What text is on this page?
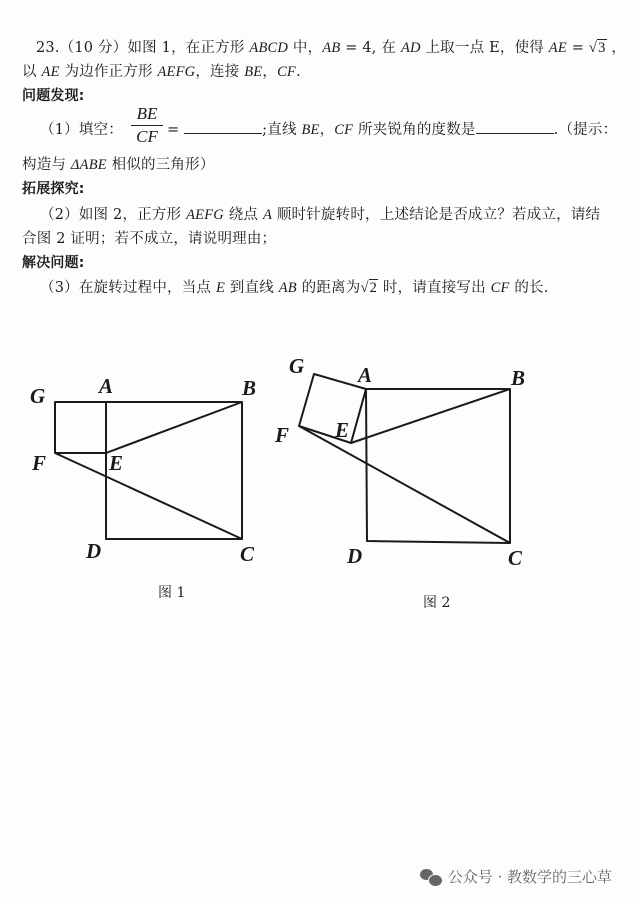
23.（10 分）如图 1，在正方形 ABCD 中，AB = 4, 在 AD 上取一点 E，使得 AE = √3 ，
以 AE 为边作正方形 AEFG，连接 BE，CF.
问题发现:
（1）填空：
BE
CF =	;直线 BE，CF 所夹锐角的度数是	.（提示：
构造与 ΔABE 相似的三角形）
拓展探究:
（2）如图 2，正方形 AEFG 绕点 A 顺时针旋转时，上述结论是否成立？若成立，请结
合图 2 证明；若不成立，请说明理由；
解决问题:
（3）在旋转过程中，当点 E 到直线 AB 的距离为√2 时，请直接写出 CF 的长.
G	A	B
F	E
D	C
G	A	B
F E
D	C
图 1
图 2
公众号 · 教数学的三心草
